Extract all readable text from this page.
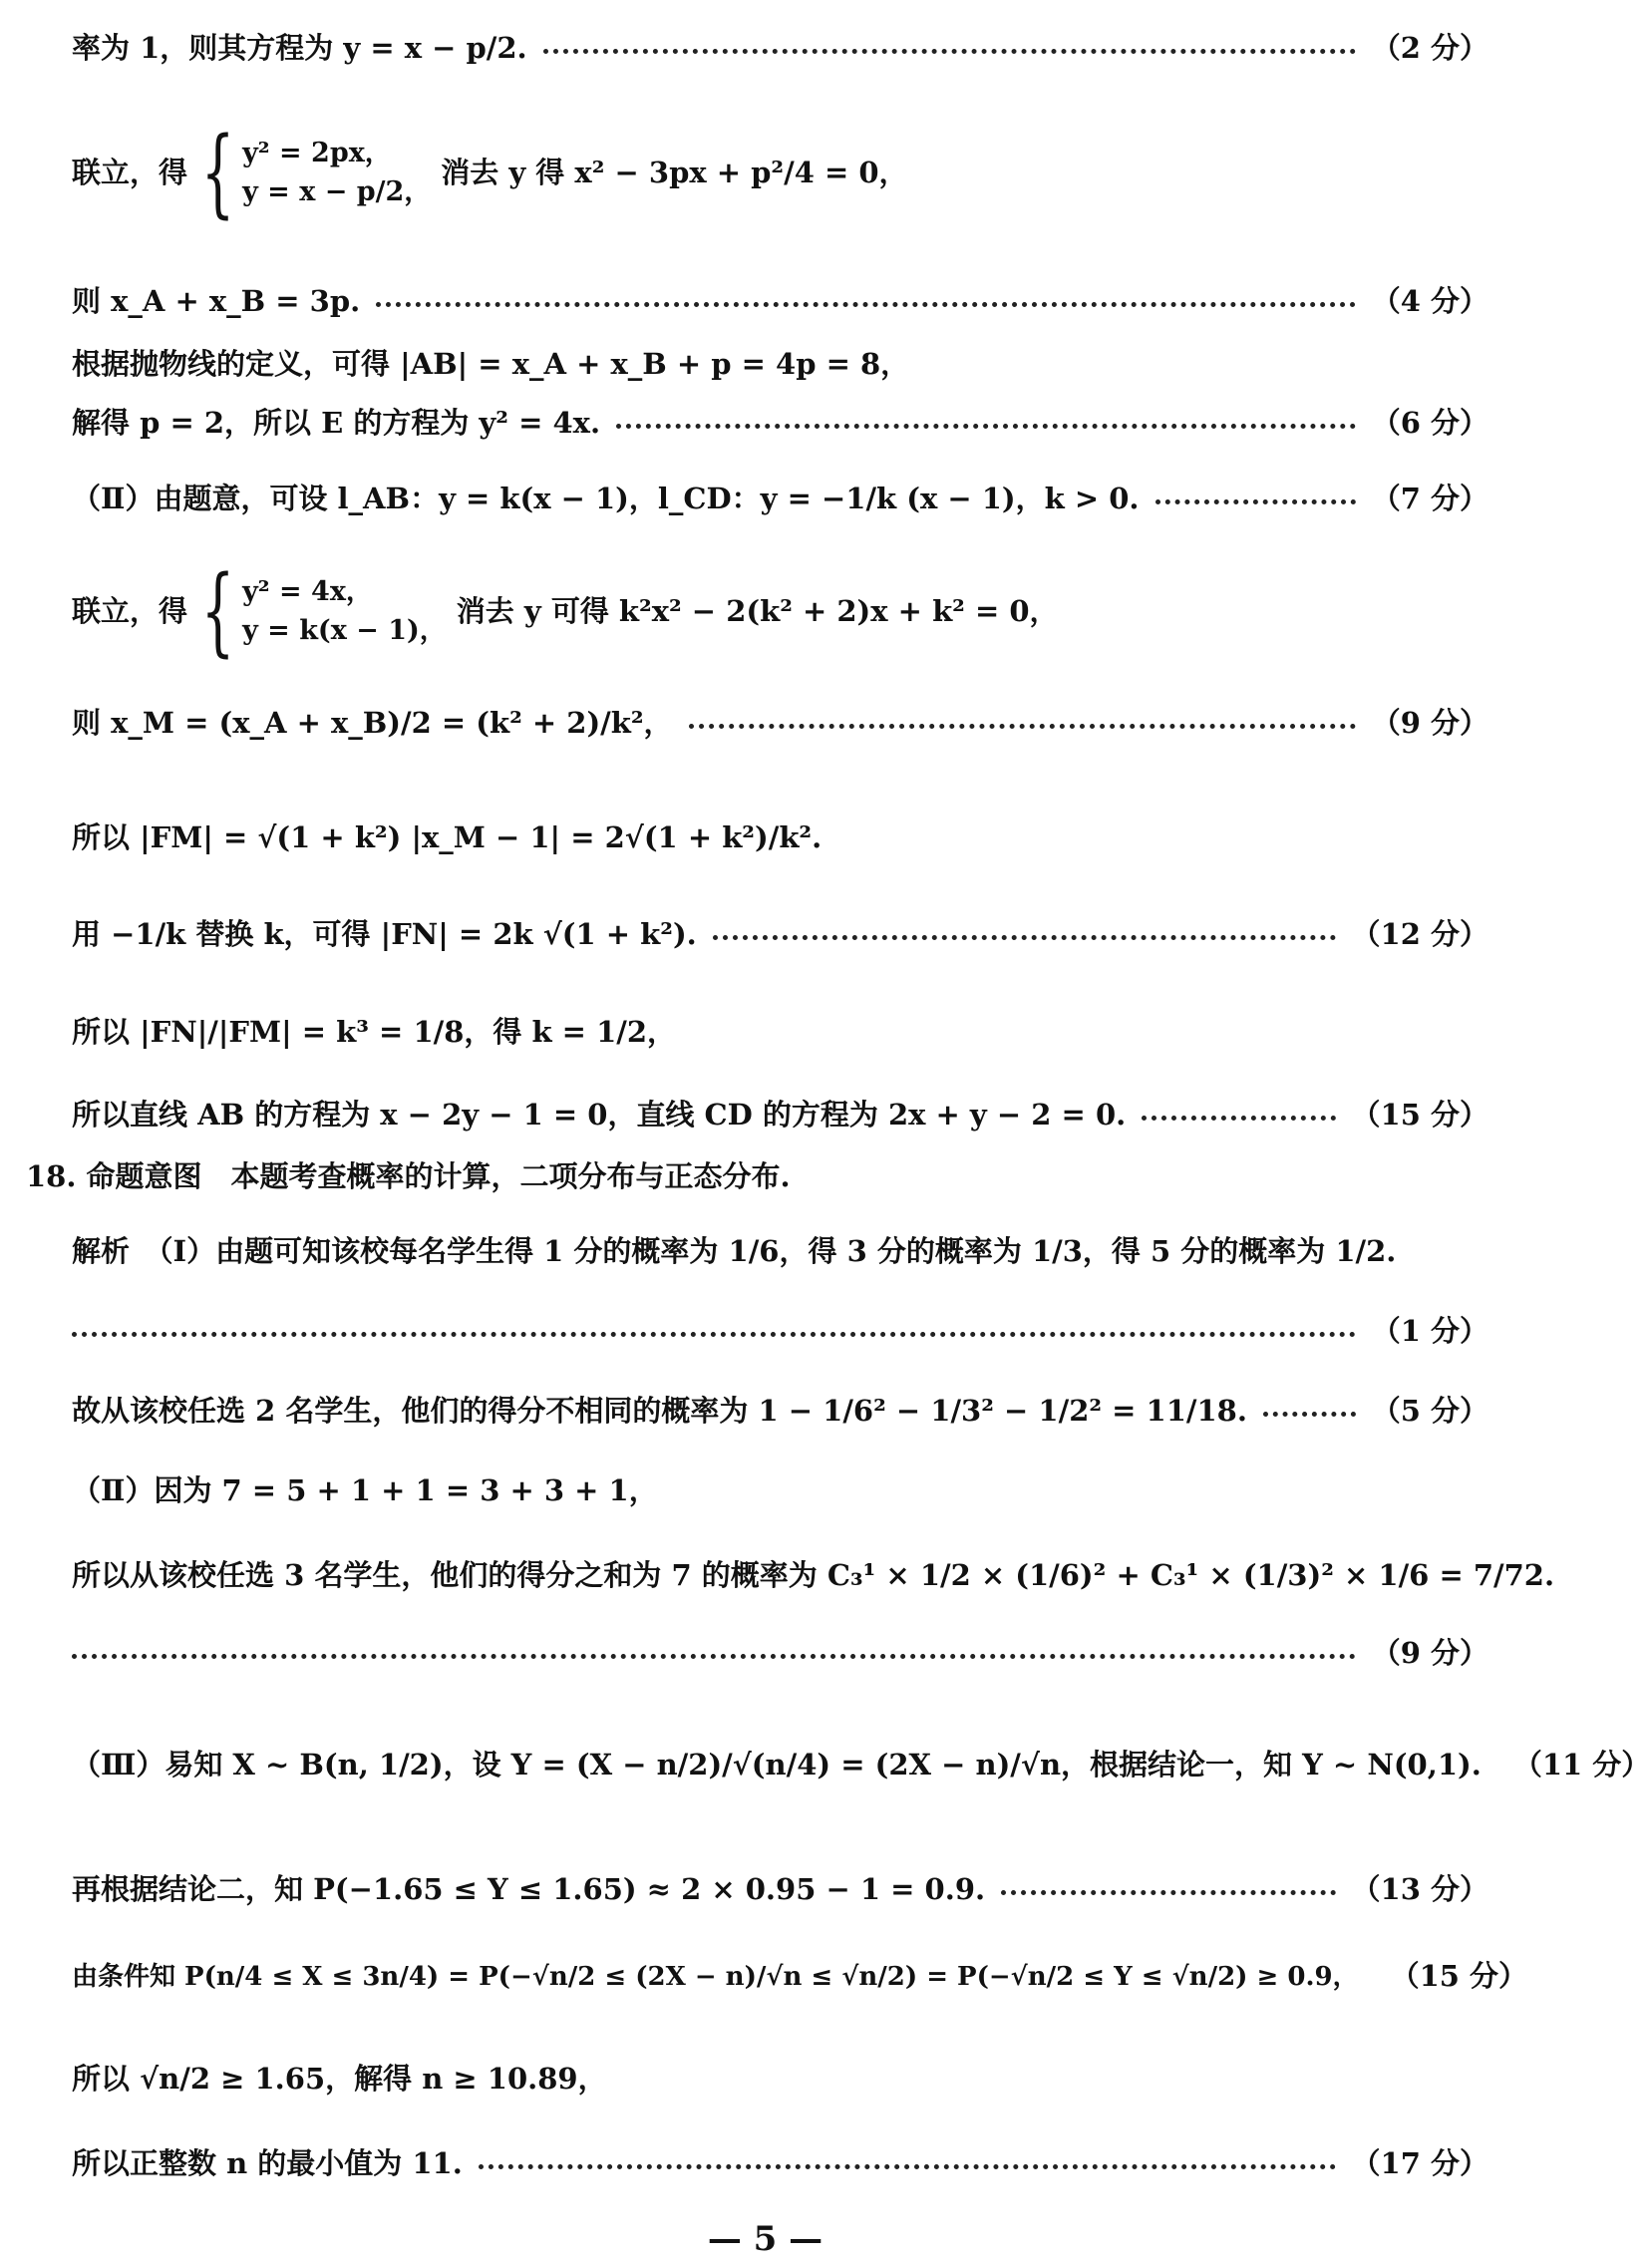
率为 1，则其方程为 y = x − p/2.	（2 分）
联立，得 { y² = 2px，
y = x − p/2，
消去 y 得 x² − 3px + p²/4 = 0，
则 x_A + x_B = 3p.	（4 分）
根据抛物线的定义，可得 |AB| = x_A + x_B + p = 4p = 8，
解得 p = 2，所以 E 的方程为 y² = 4x.	（6 分）
（Ⅱ）由题意，可设 l_AB：y = k(x − 1)，l_CD：y = −1/k (x − 1)，k > 0.	（7 分）
联立，得 { y² = 4x，
y = k(x − 1)，
消去 y 可得 k²x² − 2(k² + 2)x + k² = 0，
则 x_M = (x_A + x_B)/2 = (k² + 2)/k²，	（9 分）
所以 |FM| = √(1 + k²) |x_M − 1| = 2√(1 + k²)/k².
用 −1/k 替换 k，可得 |FN| = 2k √(1 + k²).	（12 分）
所以 |FN|/|FM| = k³ = 1/8，得 k = 1/2，
所以直线 AB 的方程为 x − 2y − 1 = 0，直线 CD 的方程为 2x + y − 2 = 0.	（15 分）
18. 命题意图　本题考查概率的计算，二项分布与正态分布.
解析　（Ⅰ）由题可知该校每名学生得 1 分的概率为 1/6，得 3 分的概率为 1/3，得 5 分的概率为 1/2.
（1 分）
故从该校任选 2 名学生，他们的得分不相同的概率为 1 − 1/6² − 1/3² − 1/2² = 11/18.	（5 分）
（Ⅱ）因为 7 = 5 + 1 + 1 = 3 + 3 + 1，
所以从该校任选 3 名学生，他们的得分之和为 7 的概率为 C₃¹ × 1/2 × (1/6)² + C₃¹ × (1/3)² × 1/6 = 7/72.
（9 分）
（Ⅲ）易知 X ~ B(n, 1/2)，设 Y = (X − n/2)/√(n/4) = (2X − n)/√n，根据结论一，知 Y ~ N(0,1). （11 分）
再根据结论二，知 P(−1.65 ≤ Y ≤ 1.65) ≈ 2 × 0.95 − 1 = 0.9.	（13 分）
由条件知 P(n/4 ≤ X ≤ 3n/4) = P(−√n/2 ≤ (2X − n)/√n ≤ √n/2) = P(−√n/2 ≤ Y ≤ √n/2) ≥ 0.9， （15 分）
所以 √n/2 ≥ 1.65，解得 n ≥ 10.89，
所以正整数 n 的最小值为 11.	（17 分）
— 5 —
